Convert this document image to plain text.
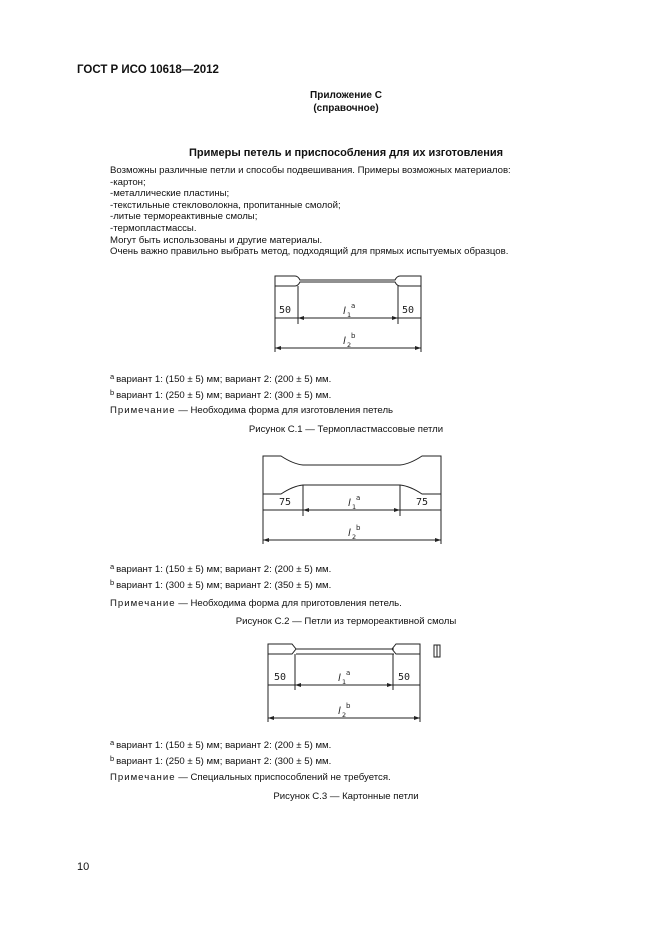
ГОСТ Р ИСО 10618—2012
Приложение С
(справочное)
Примеры петель и приспособления для их изготовления
Возможны различные петли и способы подвешивания. Примеры возможных материалов:
-картон;
-металлические пластины;
-текстильные стекловолокна, пропитанные смолой;
-литые термореактивные смолы;
-термопластмассы.
Могут быть использованы и другие материалы.
Очень важно правильно выбрать метод, подходящий для прямых испытуемых образцов.
50	50
l 1
a
l 2
b
$^a$ вариант 1: (150 ± 5) мм; вариант 2: (200 ± 5) мм.
$^b$ вариант 1: (250 ± 5) мм; вариант 2: (300 ± 5) мм.
Примечание — Необходима форма для изготовления петель
Рисунок С.1 — Термопластмассовые петли
75	75
l 1
a
l 2
b
$^a$ вариант 1: (150 ± 5) мм; вариант 2: (200 ± 5) мм.
$^b$ вариант 1: (300 ± 5) мм; вариант 2: (350 ± 5) мм.
Примечание — Необходима форма для приготовления петель.
Рисунок С.2 — Петли из термореактивной смолы
50	50
l 1
a
l 2
b
$^a$ вариант 1: (150 ± 5) мм; вариант 2: (200 ± 5) мм.
$^b$ вариант 1: (250 ± 5) мм; вариант 2: (300 ± 5) мм.
Примечание — Специальных приспособлений не требуется.
Рисунок С.3 — Картонные петли
10
